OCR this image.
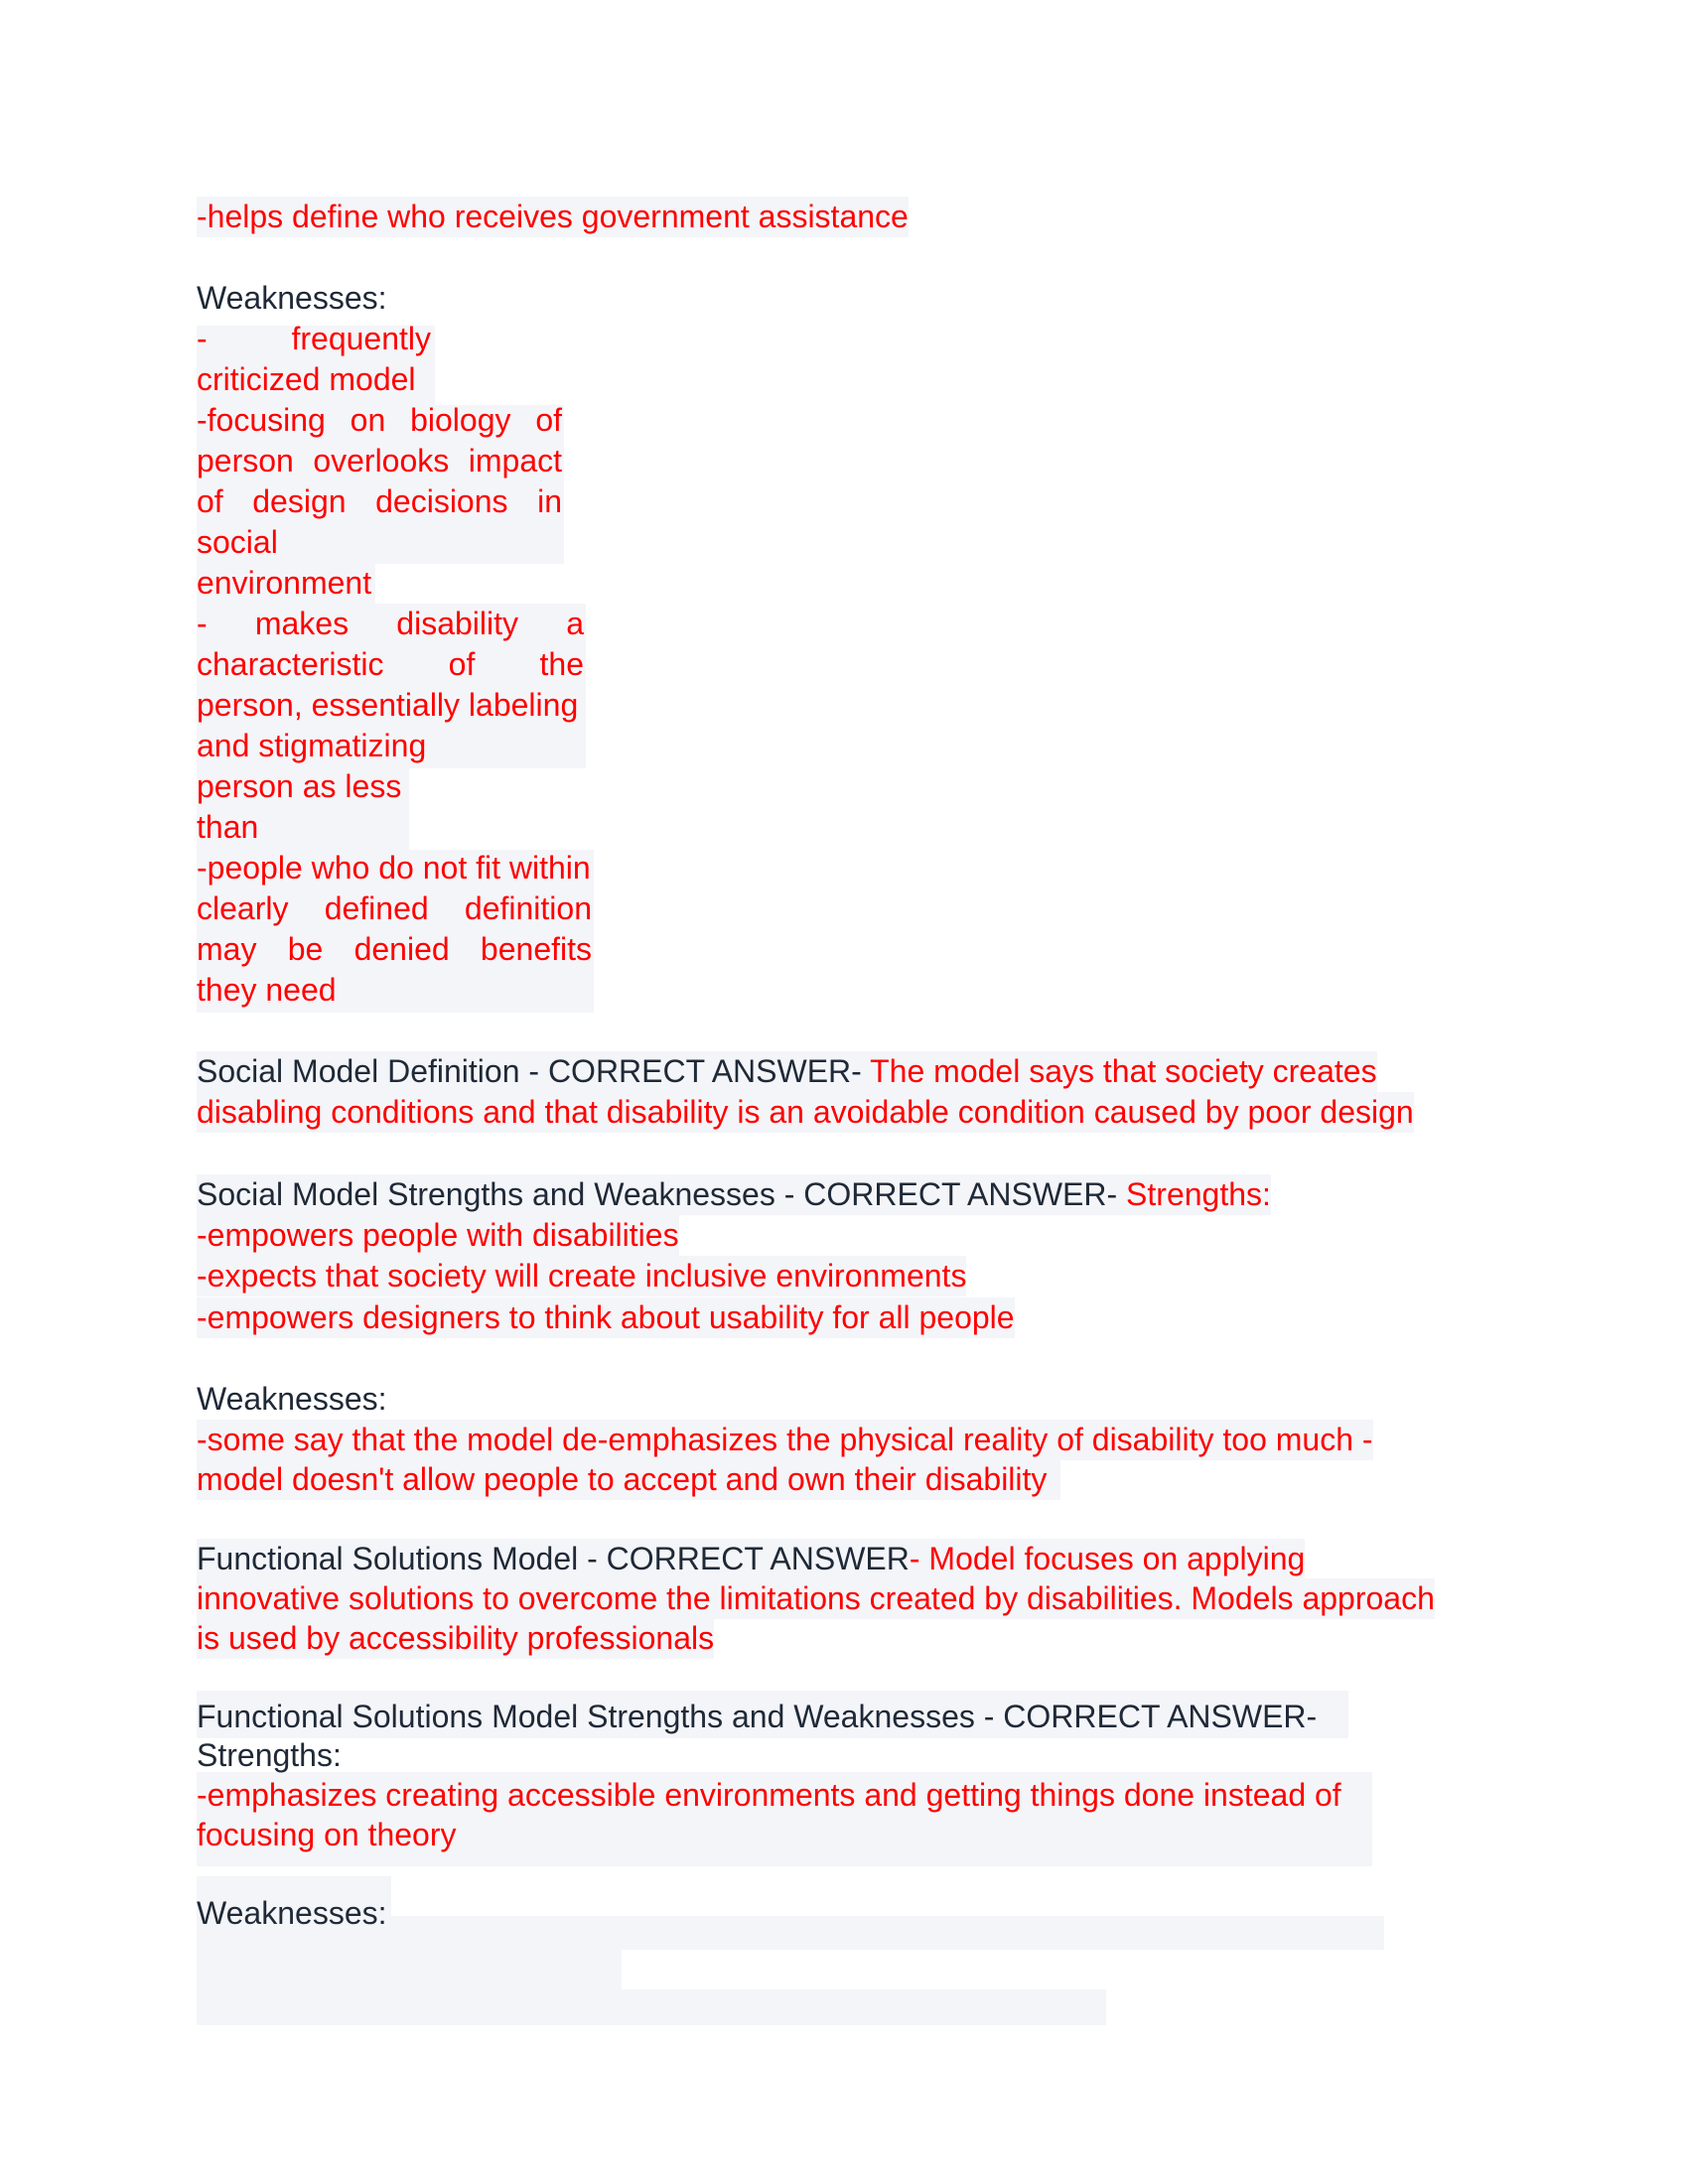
-helps define who receives government assistance

Weaknesses:

- frequently

criticized model

-focusing on biology of

person overlooks impact

of design decisions in

social

environment

- makes disability a

characteristic of the

person, essentially labeling

and stigmatizing

person as less

than

-people who do not fit within

clearly defined definition

may be denied benefits

they need

Social Model Definition - CORRECT ANSWER- The model says that society creates

disabling conditions and that disability is an avoidable condition caused by poor design

Social Model Strengths and Weaknesses - CORRECT ANSWER- Strengths:

-empowers people with disabilities

-expects that society will create inclusive environments

-empowers designers to think about usability for all people

Weaknesses:

-some say that the model de-emphasizes the physical reality of disability too much -

model doesn't allow people to accept and own their disability

Functional Solutions Model - CORRECT ANSWER- Model focuses on applying

innovative solutions to overcome the limitations created by disabilities. Models approach

is used by accessibility professionals

Functional Solutions Model Strengths and Weaknesses - CORRECT ANSWER-

Strengths:

-emphasizes creating accessible environments and getting things done instead of

focusing on theory

Weaknesses:
